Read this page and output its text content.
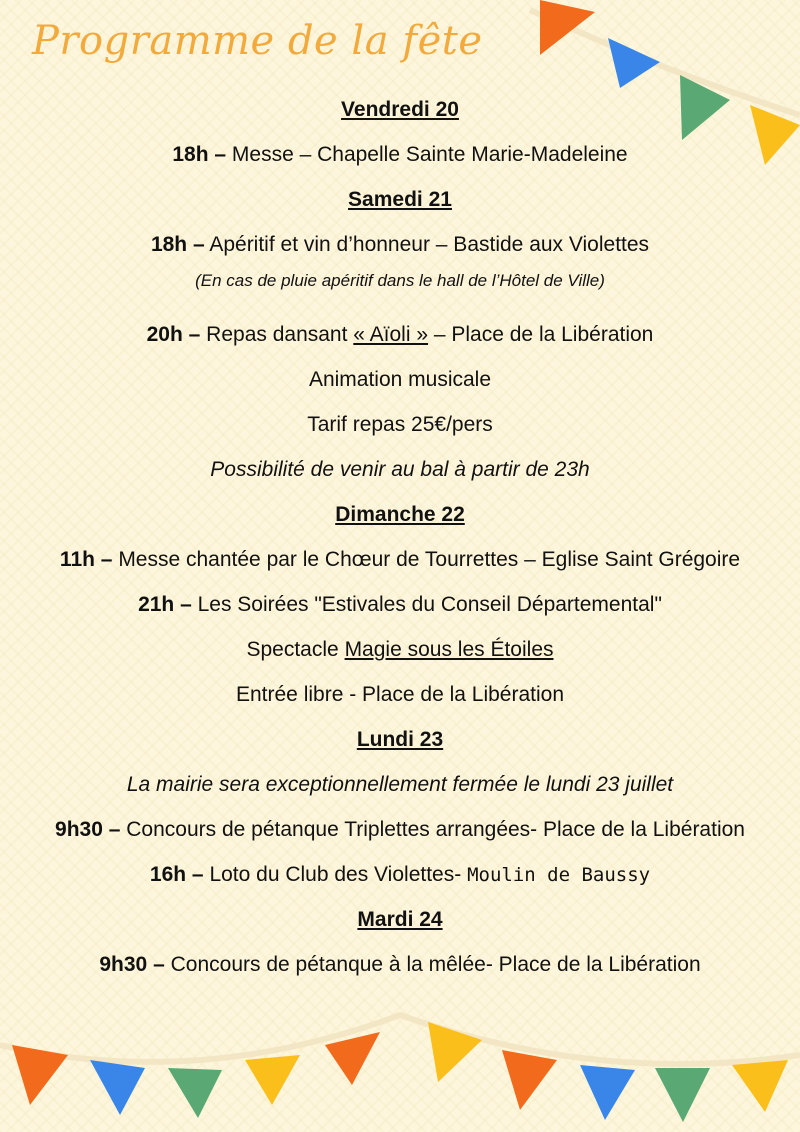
Programme de la fête
Vendredi 20
18h – Messe – Chapelle Sainte Marie-Madeleine
Samedi 21
18h – Apéritif et vin d’honneur – Bastide aux Violettes
(En cas de pluie apéritif dans le hall de l’Hôtel de Ville)
20h – Repas dansant « Aïoli » – Place de la Libération
Animation musicale
Tarif repas 25€/pers
Possibilité de venir au bal à partir de 23h
Dimanche 22
11h – Messe chantée par le Chœur de Tourrettes – Eglise Saint Grégoire
21h – Les Soirées "Estivales du Conseil Départemental"
Spectacle Magie sous les Étoiles
Entrée libre - Place de la Libération
Lundi 23
La mairie sera exceptionnellement fermée le lundi 23 juillet
9h30 – Concours de pétanque Triplettes arrangées- Place de la Libération
16h – Loto du Club des Violettes- Moulin de Baussy
Mardi 24
9h30 – Concours de pétanque à la mêlée- Place de la Libération
